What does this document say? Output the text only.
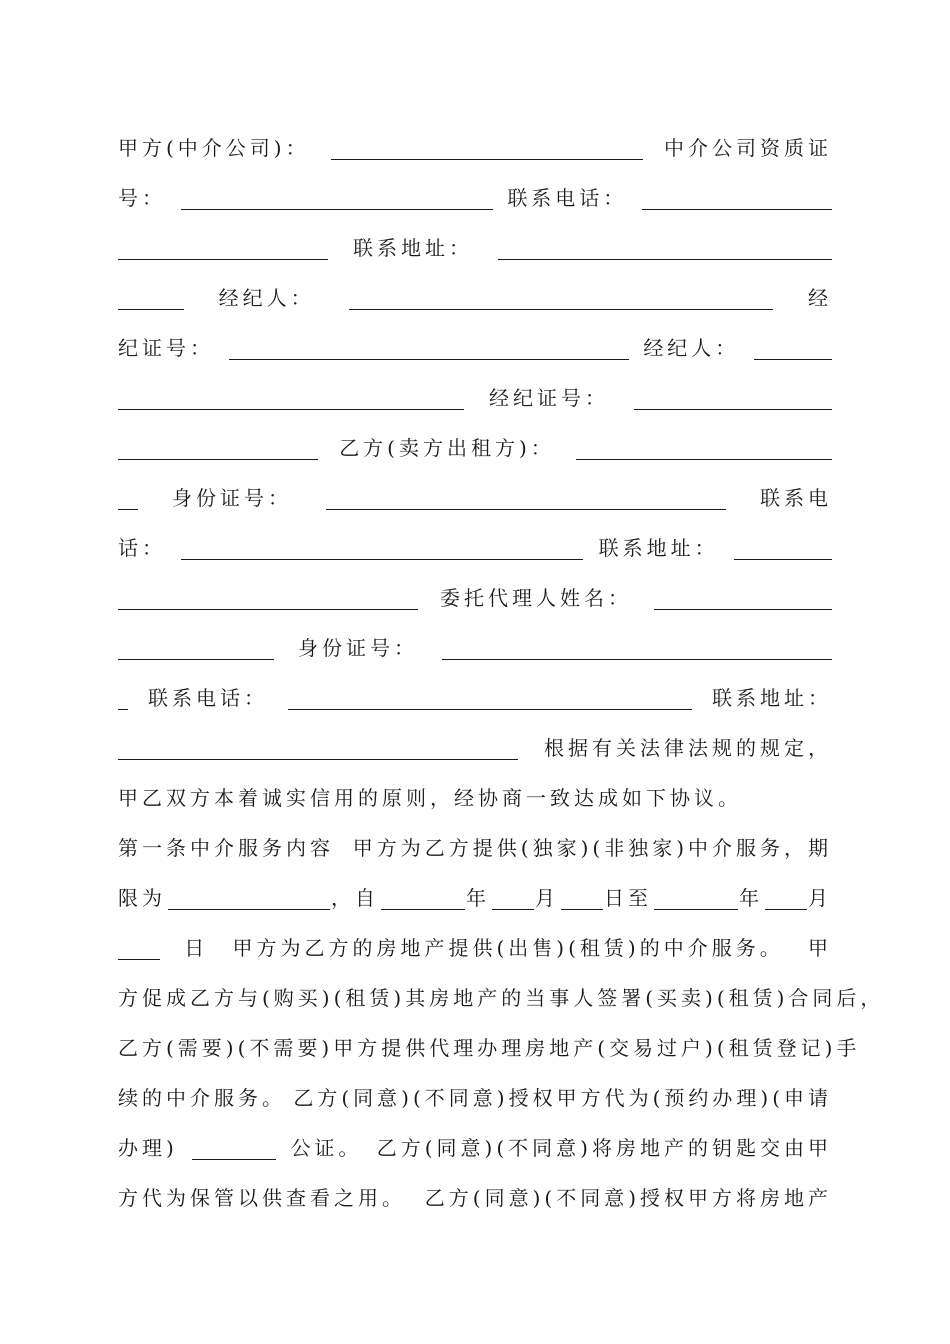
甲方(中介公司)：	中介公司资质证
号：	联系电话：
联系地址：
经纪人：	经
纪证号：	经纪人：
经纪证号：
乙方(卖方出租方)：
身份证号：	联系电
话：	联系地址：
委托代理人姓名：
身份证号：
联系电话：	联系地址：
根据有关法律法规的规定，
甲乙双方本着诚实信用的原则，经协商一致达成如下协议。
第一条中介服务内容 甲方为乙方提供(独家)(非独家)中介服务，期
限为	，自	年 月 日至	年 月
日 甲方为乙方的房地产提供(出售)(租赁)的中介服务。 甲
方促成乙方与(购买)(租赁)其房地产的当事人签署(买卖)(租赁)合同后，
乙方(需要)(不需要)甲方提供代理办理房地产(交易过户)(租赁登记)手
续的中介服务。 乙方(同意)(不同意)授权甲方代为(预约办理)(申请
办理)	公证。 乙方(同意)(不同意)将房地产的钥匙交由甲
方代为保管以供查看之用。 乙方(同意)(不同意)授权甲方将房地产
